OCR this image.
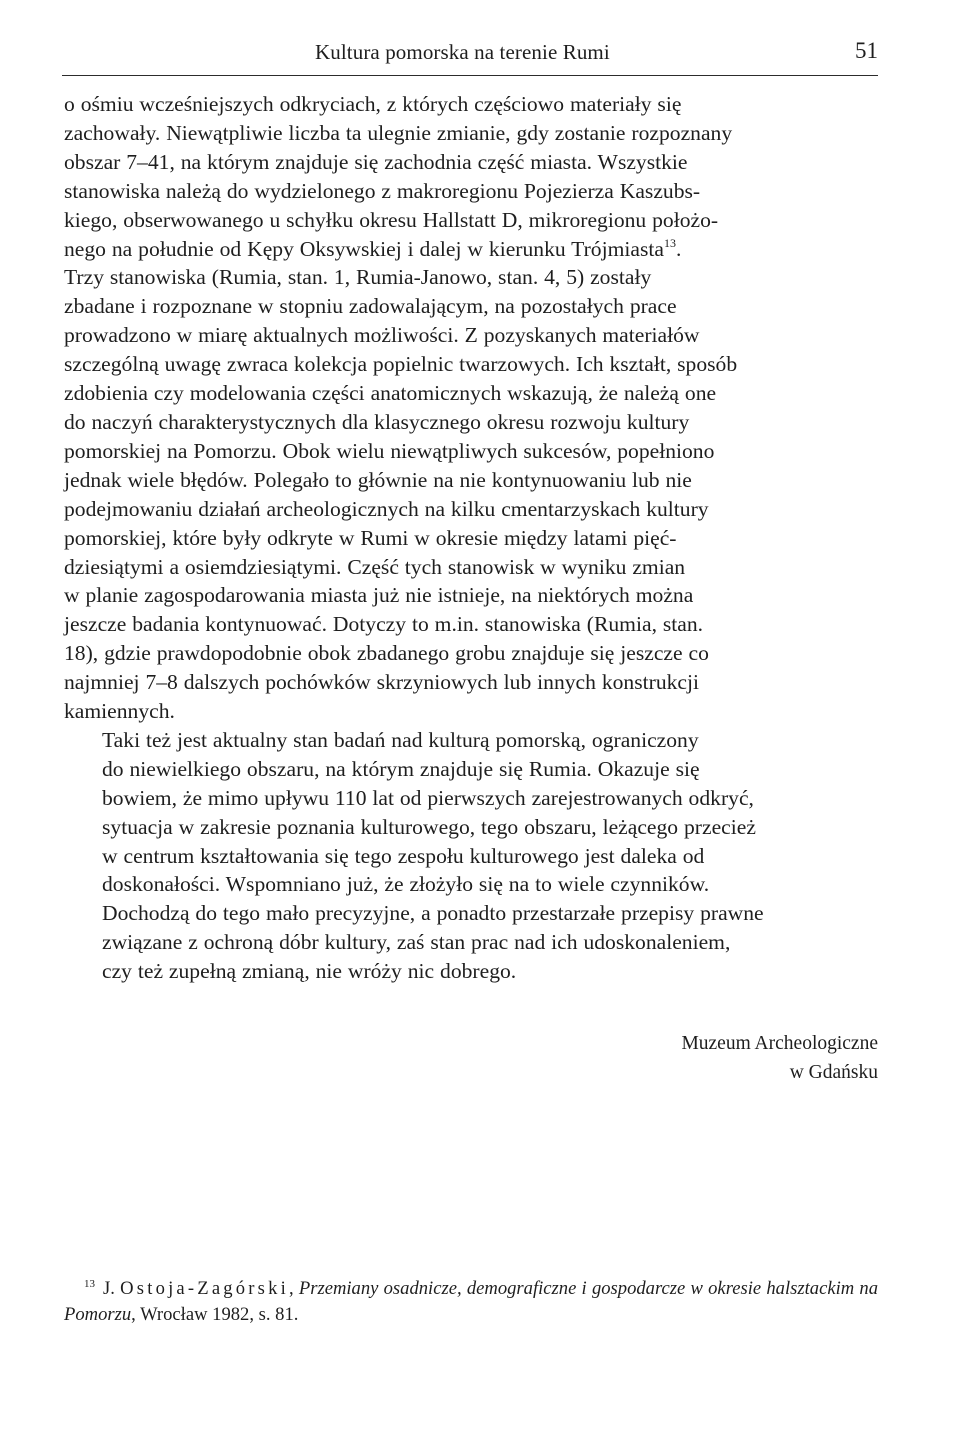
Kultura pomorska na terenie Rumi	51

o ośmiu wcześniejszych odkryciach, z których częściowo materiały się
zachowały. Niewątpliwie liczba ta ulegnie zmianie, gdy zostanie rozpoznany
obszar 7–41, na którym znajduje się zachodnia część miasta. Wszystkie
stanowiska należą do wydzielonego z makroregionu Pojezierza Kaszubs-
kiego, obserwowanego u schyłku okresu Hallstatt D, mikroregionu położo-
nego na południe od Kępy Oksywskiej i dalej w kierunku Trójmiasta$^{13}$.
Trzy stanowiska (Rumia, stan. 1, Rumia-Janowo, stan. 4, 5) zostały
zbadane i rozpoznane w stopniu zadowalającym, na pozostałych prace
prowadzono w miarę aktualnych możliwości. Z pozyskanych materiałów
szczególną uwagę zwraca kolekcja popielnic twarzowych. Ich kształt, sposób
zdobienia czy modelowania części anatomicznych wskazują, że należą one
do naczyń charakterystycznych dla klasycznego okresu rozwoju kultury
pomorskiej na Pomorzu. Obok wielu niewątpliwych sukcesów, popełniono
jednak wiele błędów. Polegało to głównie na nie kontynuowaniu lub nie
podejmowaniu działań archeologicznych na kilku cmentarzyskach kultury
pomorskiej, które były odkryte w Rumi w okresie między latami pięć-
dziesiątymi a osiemdziesiątymi. Część tych stanowisk w wyniku zmian
w planie zagospodarowania miasta już nie istnieje, na niektórych można
jeszcze badania kontynuować. Dotyczy to m.in. stanowiska (Rumia, stan.
18), gdzie prawdopodobnie obok zbadanego grobu znajduje się jeszcze co
najmniej 7–8 dalszych pochówków skrzyniowych lub innych konstrukcji
kamiennych.

Taki też jest aktualny stan badań nad kulturą pomorską, ograniczony
do niewielkiego obszaru, na którym znajduje się Rumia. Okazuje się
bowiem, że mimo upływu 110 lat od pierwszych zarejestrowanych odkryć,
sytuacja w zakresie poznania kulturowego, tego obszaru, leżącego przecież
w centrum kształtowania się tego zespołu kulturowego jest daleka od
doskonałości. Wspomniano już, że złożyło się na to wiele czynników.
Dochodzą do tego mało precyzyjne, a ponadto przestarzałe przepisy prawne
związane z ochroną dóbr kultury, zaś stan prac nad ich udoskonaleniem,
czy też zupełną zmianą, nie wróży nic dobrego.

Muzeum Archeologiczne
w Gdańsku

$^{13}$ J. Ostoja-Zagórski, Przemiany osadnicze, demograficzne i gospodarcze w okresie halsztackim na Pomorzu, Wrocław 1982, s. 81.
